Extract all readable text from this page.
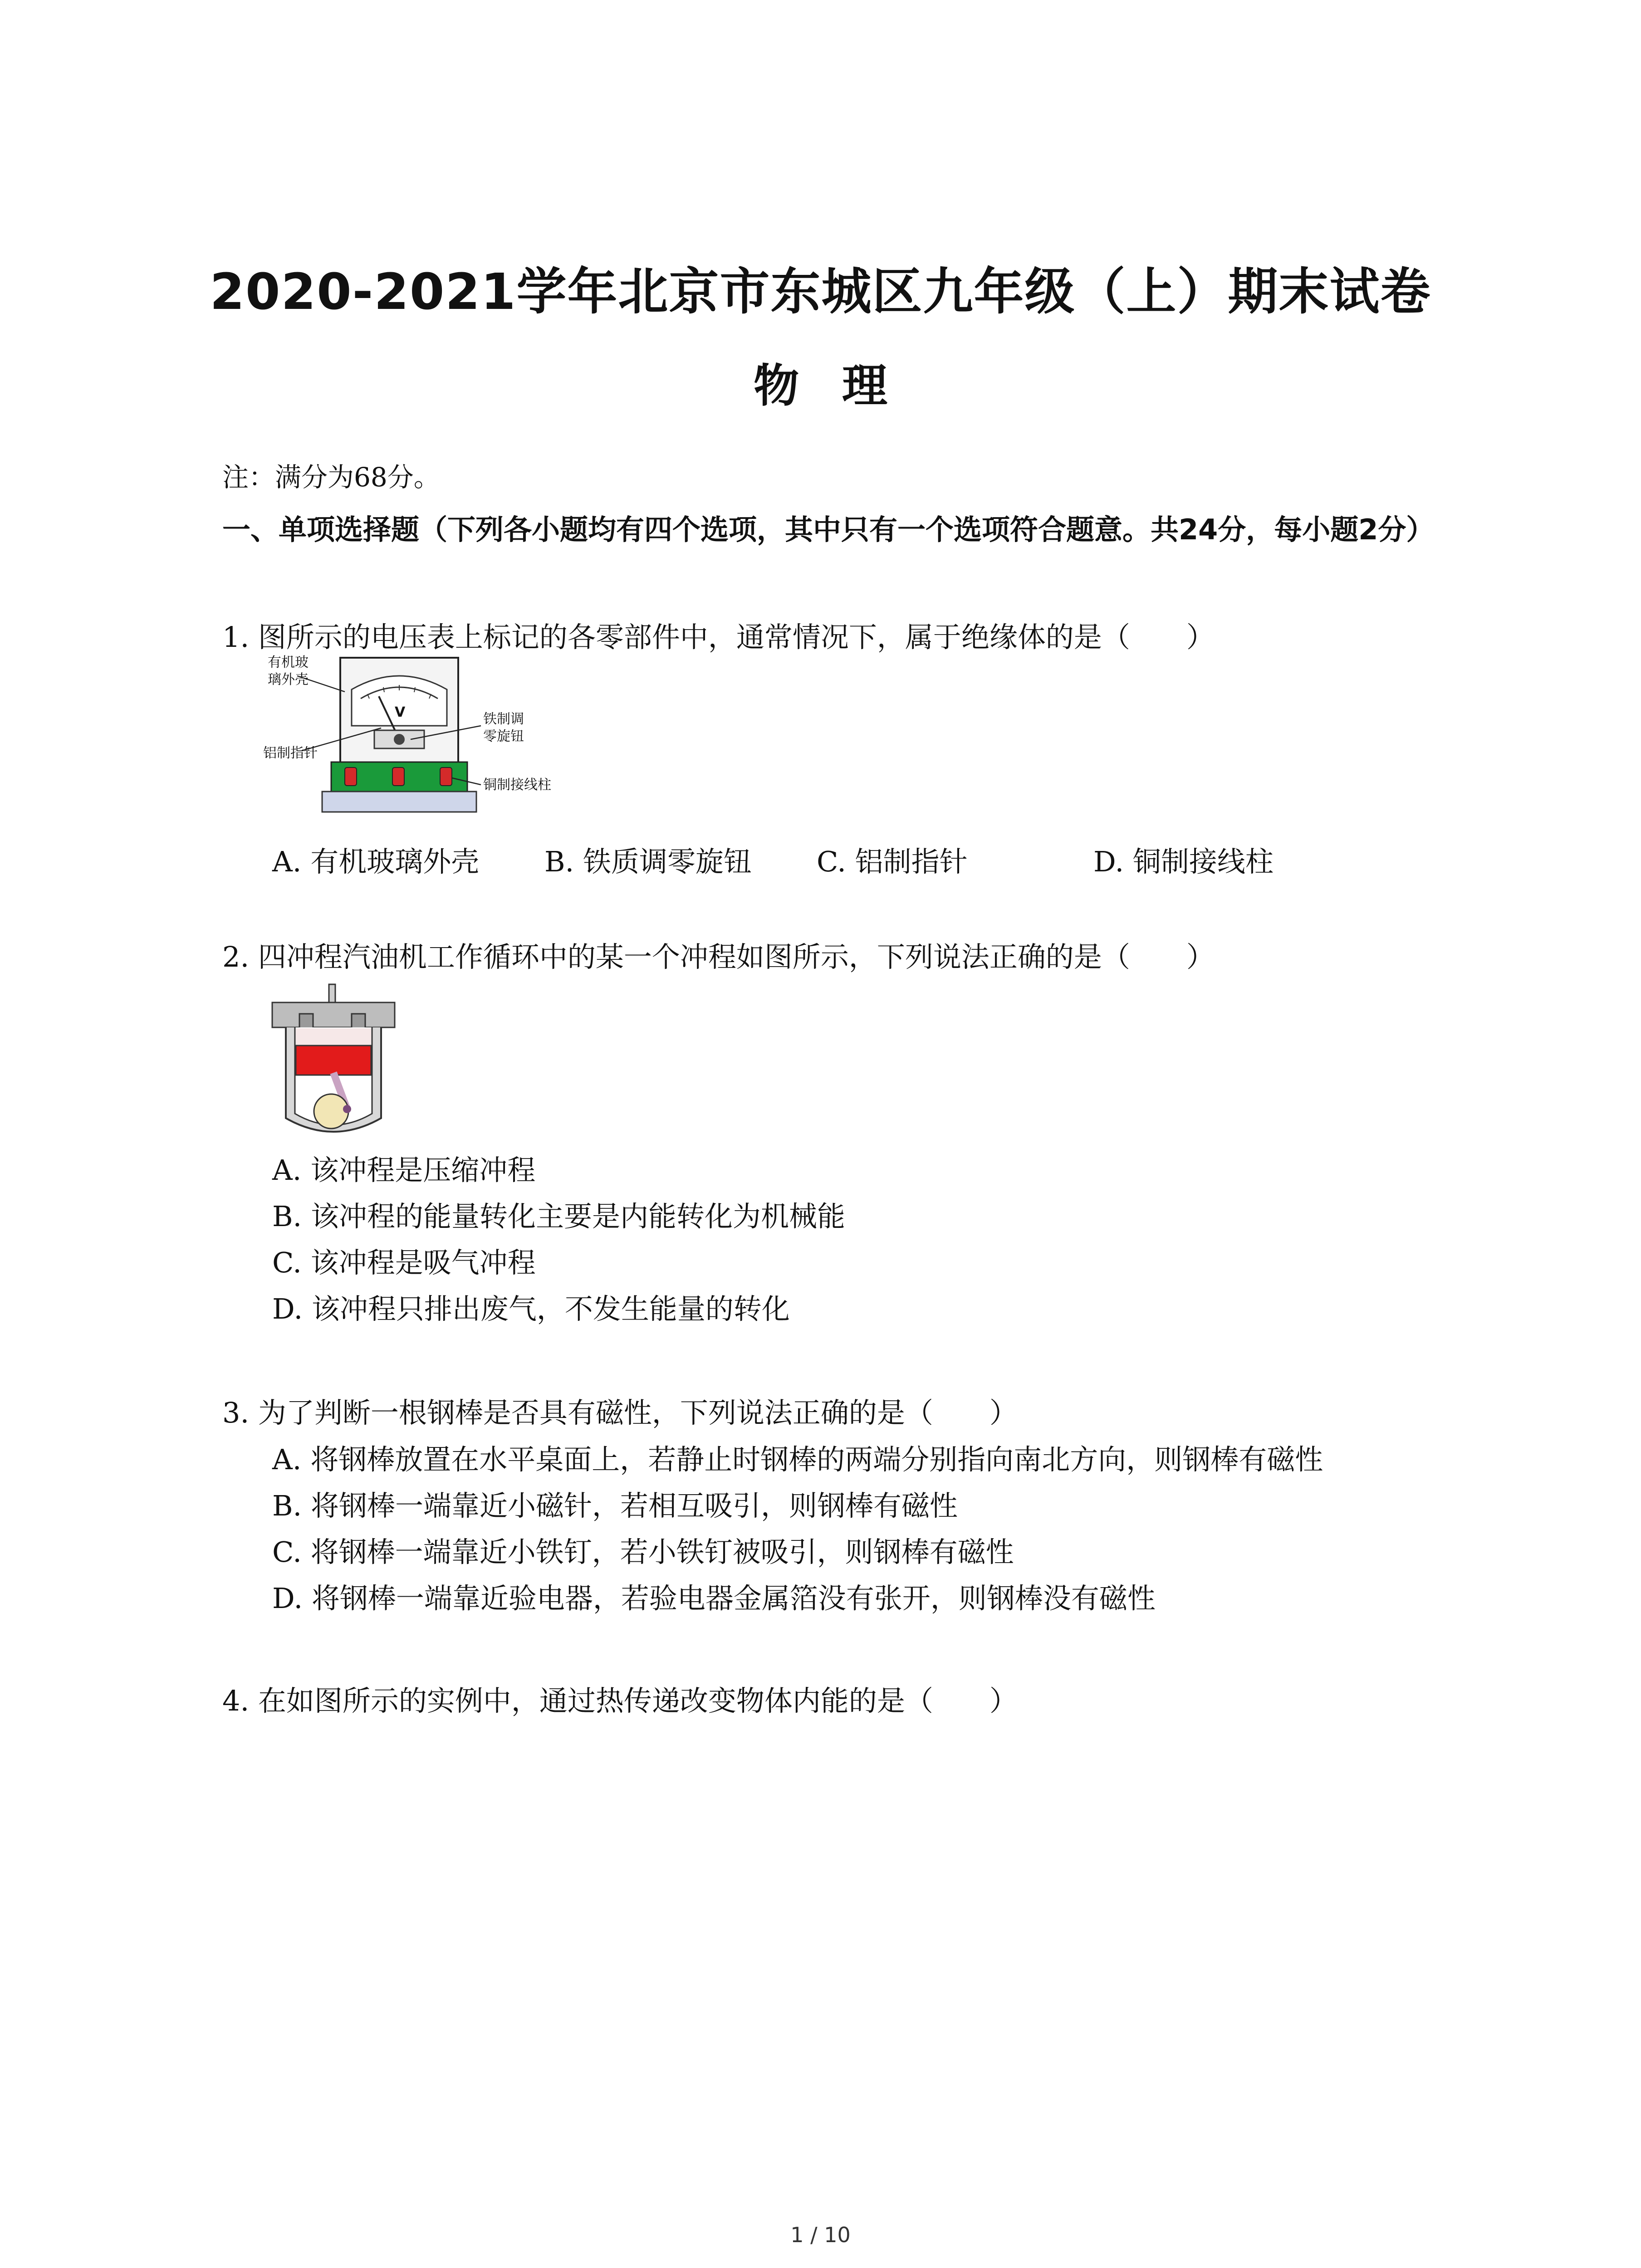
2020-2021学年北京市东城区九年级（上）期末试卷
物 理

注：满分为68分。

一、单项选择题（下列各小题均有四个选项，其中只有一个选项符合题意。共24分，每小题2分）

1. 图所示的电压表上标记的各零部件中，通常情况下，属于绝缘体的是（　　）

V
有机玻
璃外壳
铁制调
零旋钮
铝制指针
铜制接线柱

A. 有机玻璃外壳 B. 铁质调零旋钮 C. 铝制指针	D. 铜制接线柱

2. 四冲程汽油机工作循环中的某一个冲程如图所示，下列说法正确的是（　　）

A. 该冲程是压缩冲程

B. 该冲程的能量转化主要是内能转化为机械能

C. 该冲程是吸气冲程

D. 该冲程只排出废气，不发生能量的转化

3. 为了判断一根钢棒是否具有磁性，下列说法正确的是（　　）

A. 将钢棒放置在水平桌面上，若静止时钢棒的两端分别指向南北方向，则钢棒有磁性

B. 将钢棒一端靠近小磁针，若相互吸引，则钢棒有磁性

C. 将钢棒一端靠近小铁钉，若小铁钉被吸引，则钢棒有磁性

D. 将钢棒一端靠近验电器，若验电器金属箔没有张开，则钢棒没有磁性

4. 在如图所示的实例中，通过热传递改变物体内能的是（　　）

1 / 10
